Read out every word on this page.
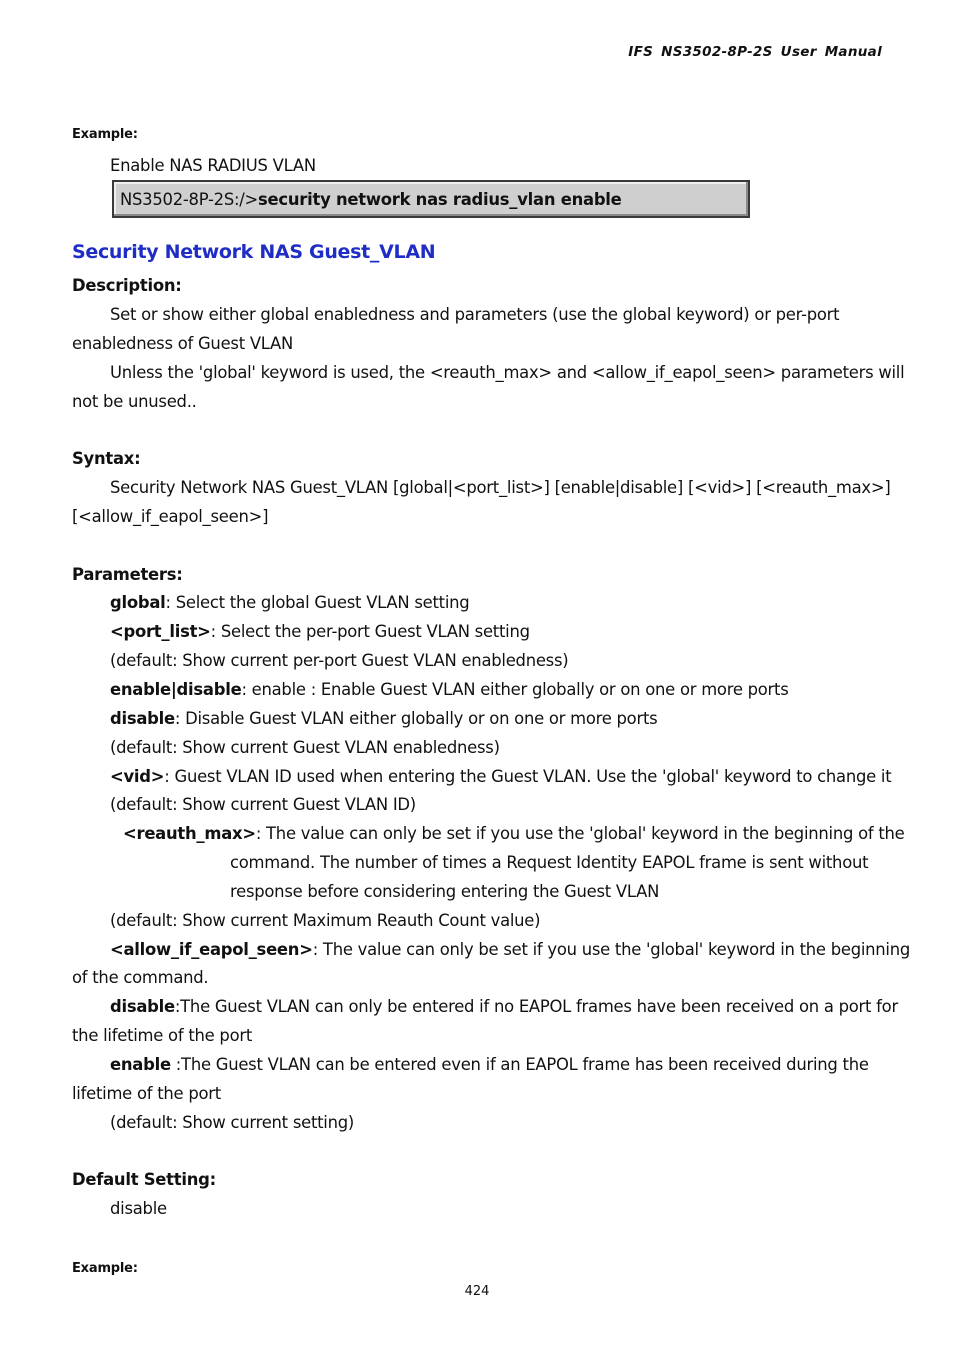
IFS NS3502-8P-2S User Manual
Example:
Enable NAS RADIUS VLAN
NS3502-8P-2S:/>security network nas radius_vlan enable
Security Network NAS Guest_VLAN
Description:
Set or show either global enabledness and parameters (use the global keyword) or per-port
enabledness of Guest VLAN
Unless the 'global' keyword is used, the <reauth_max> and <allow_if_eapol_seen> parameters will
not be unused..
Syntax:
Security Network NAS Guest_VLAN [global|<port_list>] [enable|disable] [<vid>] [<reauth_max>]
[<allow_if_eapol_seen>]
Parameters:
global: Select the global Guest VLAN setting
<port_list>: Select the per-port Guest VLAN setting
(default: Show current per-port Guest VLAN enabledness)
enable|disable: enable : Enable Guest VLAN either globally or on one or more ports
disable: Disable Guest VLAN either globally or on one or more ports
(default: Show current Guest VLAN enabledness)
<vid>: Guest VLAN ID used when entering the Guest VLAN. Use the 'global' keyword to change it
(default: Show current Guest VLAN ID)
<reauth_max>: The value can only be set if you use the 'global' keyword in the beginning of the
command. The number of times a Request Identity EAPOL frame is sent without
response before considering entering the Guest VLAN
(default: Show current Maximum Reauth Count value)
<allow_if_eapol_seen>: The value can only be set if you use the 'global' keyword in the beginning
of the command.
disable:The Guest VLAN can only be entered if no EAPOL frames have been received on a port for
the lifetime of the port
enable :The Guest VLAN can be entered even if an EAPOL frame has been received during the
lifetime of the port
(default: Show current setting)
Default Setting:
disable
Example:
424
